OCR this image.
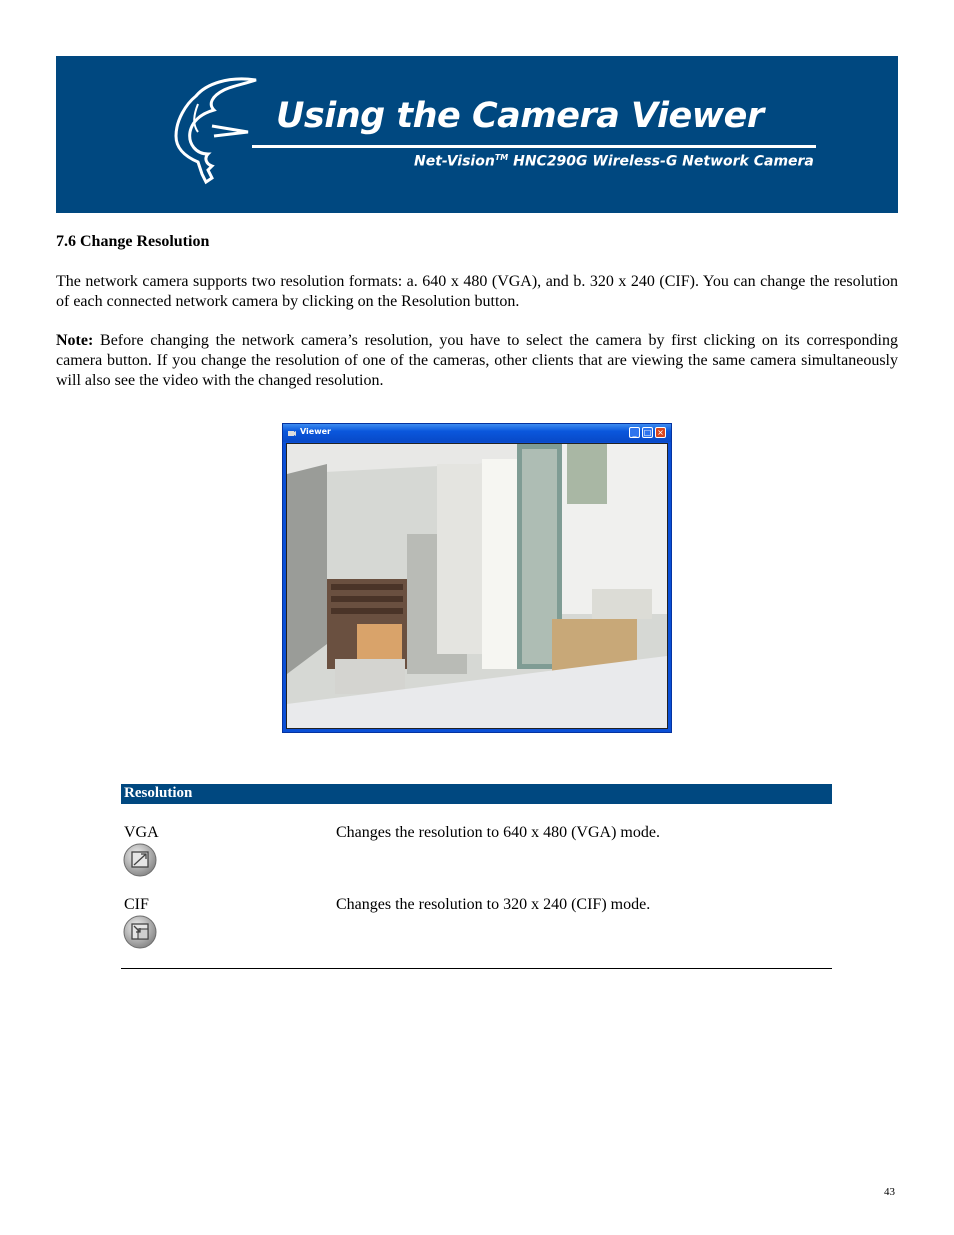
Using the Camera Viewer
Net-Vision™ HNC290G Wireless-G Network Camera
7.6 Change Resolution
The network camera supports two resolution formats: a. 640 x 480 (VGA), and b. 320 x 240 (CIF). You can change the resolution of each connected network camera by clicking on the Resolution button.
Note: Before changing the network camera’s resolution, you have to select the camera by first clicking on its corresponding camera button. If you change the resolution of one of the cameras, other clients that are viewing the same camera simultaneously will also see the video with the changed resolution.
Viewer	_ □ ×
Resolution
VGA	Changes the resolution to 640 x 480 (VGA) mode.
CIF	Changes the resolution to 320 x 240 (CIF) mode.
43
